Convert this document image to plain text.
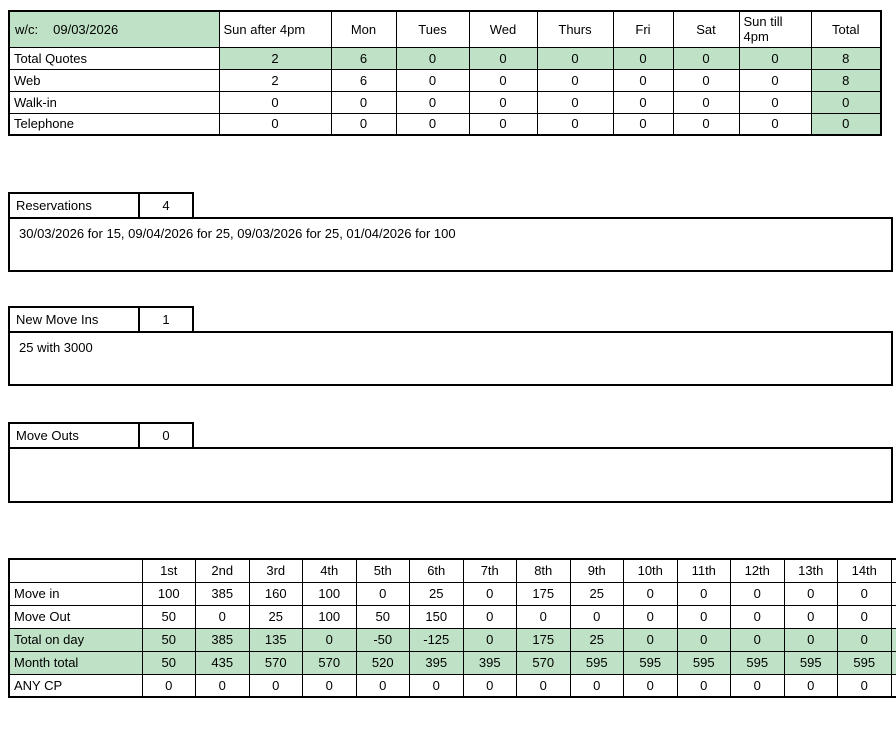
w/c: 09/03/2026	Sun after 4pm	Mon	Tues	Wed	Thurs	Fri	Sat	Sun till 4pm	Total
Total Quotes	2	6	0	0	0	0	0	0	8
Web	2	6	0	0	0	0	0	0	8
Walk-in	0	0	0	0	0	0	0	0	0
Telephone	0	0	0	0	0	0	0	0	0
Reservations	4
30/03/2026 for 15, 09/04/2026 for 25, 09/03/2026 for 25, 01/04/2026 for 100
New Move Ins	1
25 with 3000
Move Outs	0
	1st	2nd	3rd	4th	5th	6th	7th	8th	9th	10th	11th	12th	13th	14th	
Move in	100	385	160	100	0	25	0	175	25	0	0	0	0	0	
Move Out	50	0	25	100	50	150	0	0	0	0	0	0	0	0	
Total on day	50	385	135	0	-50	-125	0	175	25	0	0	0	0	0	
Month total	50	435	570	570	520	395	395	570	595	595	595	595	595	595	
ANY CP	0	0	0	0	0	0	0	0	0	0	0	0	0	0	
